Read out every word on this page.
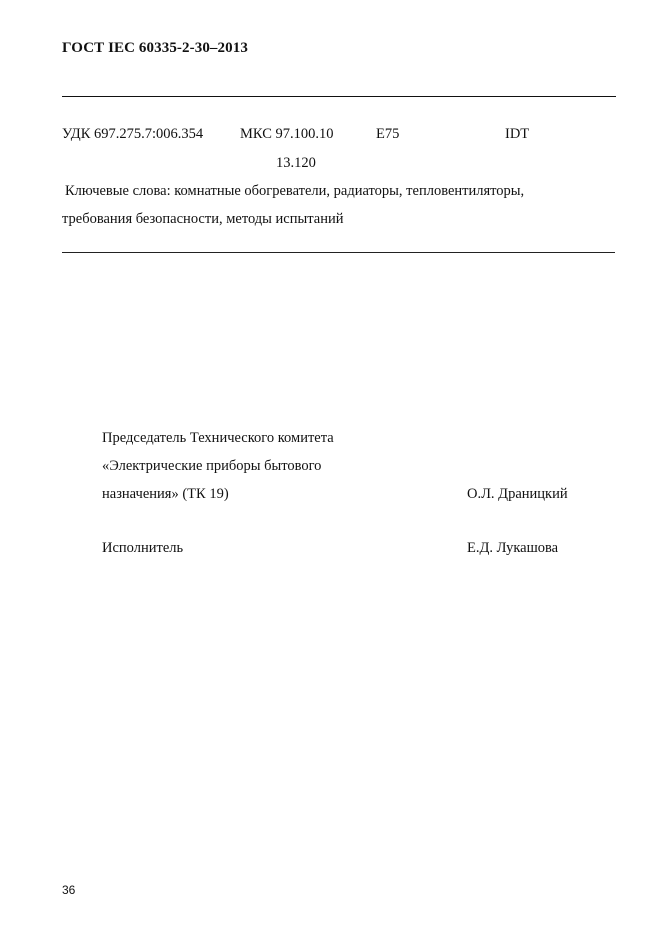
ГОСТ IEC 60335-2-30–2013
УДК 697.275.7:006.354	МКС 97.100.10	Е75	IDT
13.120
Ключевые слова: комнатные обогреватели, радиаторы, тепловентиляторы,
требования безопасности, методы испытаний
Председатель Технического комитета
«Электрические приборы бытового
назначения» (ТК 19)	О.Л. Драницкий
Исполнитель	Е.Д. Лукашова
36
